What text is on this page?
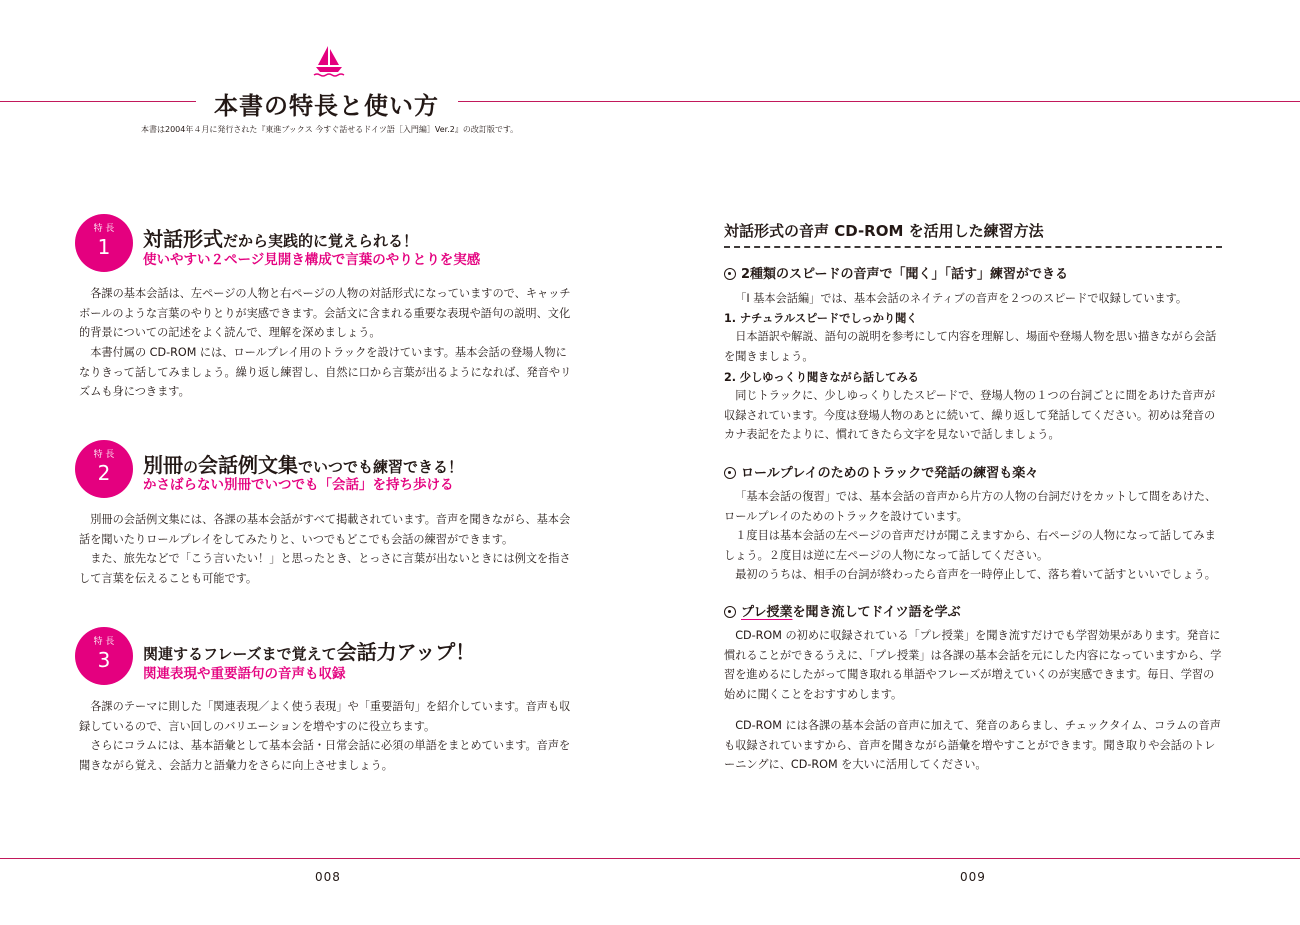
本書の特長と使い方
本書は2004年４月に発行された『東進ブックス 今すぐ話せるドイツ語［入門編］Ver.2』の改訂版です。
特 長
1	対話形式だから実践的に覚えられる！
使いやすい２ページ見開き構成で言葉のやりとりを実感

各課の基本会話は、左ページの人物と右ページの人物の対話形式になっていますので、キャッチボールのような言葉のやりとりが実感できます。会話文に含まれる重要な表現や語句の説明、文化的背景についての記述をよく読んで、理解を深めましょう。

本書付属の CD-ROM には、ロールプレイ用のトラックを設けています。基本会話の登場人物になりきって話してみましょう。繰り返し練習し、自然に口から言葉が出るようになれば、発音やリズムも身につきます。

特 長
2	別冊の会話例文集でいつでも練習できる！
かさばらない別冊でいつでも「会話」を持ち歩ける

別冊の会話例文集には、各課の基本会話がすべて掲載されています。音声を聞きながら、基本会話を聞いたりロールプレイをしてみたりと、いつでもどこでも会話の練習ができます。

また、旅先などで「こう言いたい！」と思ったとき、とっさに言葉が出ないときには例文を指さして言葉を伝えることも可能です。

特 長
3	関連するフレーズまで覚えて会話力アップ！
関連表現や重要語句の音声も収録

各課のテーマに則した「関連表現／よく使う表現」や「重要語句」を紹介しています。音声も収録しているので、言い回しのバリエーションを増やすのに役立ちます。

さらにコラムには、基本語彙として基本会話・日常会話に必須の単語をまとめています。音声を聞きながら覚え、会話力と語彙力をさらに向上させましょう。

対話形式の音声 CD-ROM を活用した練習方法
2種類のスピードの音声で「聞く」「話す」練習ができる

「Ⅰ 基本会話編」では、基本会話のネイティブの音声を２つのスピードで収録しています。

1. ナチュラルスピードでしっかり聞く

日本語訳や解説、語句の説明を参考にして内容を理解し、場面や登場人物を思い描きながら会話を聞きましょう。

2. 少しゆっくり聞きながら話してみる

同じトラックに、少しゆっくりしたスピードで、登場人物の１つの台詞ごとに間をあけた音声が収録されています。今度は登場人物のあとに続いて、繰り返して発話してください。初めは発音のカナ表記をたよりに、慣れてきたら文字を見ないで話しましょう。

ロールプレイのためのトラックで発話の練習も楽々

「基本会話の復習」では、基本会話の音声から片方の人物の台詞だけをカットして間をあけた、ロールプレイのためのトラックを設けています。

１度目は基本会話の左ページの音声だけが聞こえますから、右ページの人物になって話してみましょう。２度目は逆に左ページの人物になって話してください。

最初のうちは、相手の台詞が終わったら音声を一時停止して、落ち着いて話すといいでしょう。

プレ授業を聞き流してドイツ語を学ぶ

CD-ROM の初めに収録されている「プレ授業」を聞き流すだけでも学習効果があります。発音に慣れることができるうえに、「プレ授業」は各課の基本会話を元にした内容になっていますから、学習を進めるにしたがって聞き取れる単語やフレーズが増えていくのが実感できます。毎日、学習の始めに聞くことをおすすめします。

CD-ROM には各課の基本会話の音声に加えて、発音のあらまし、チェックタイム、コラムの音声も収録されていますから、音声を聞きながら語彙を増やすことができます。聞き取りや会話のトレーニングに、CD-ROM を大いに活用してください。

008	009
